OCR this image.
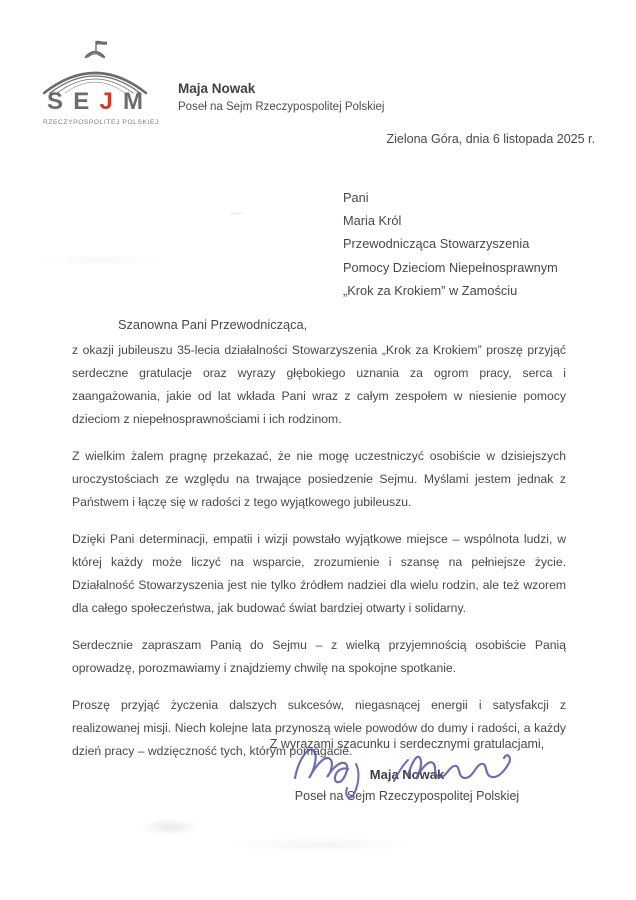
S E J M
RZECZYPOSPOLITEJ POLSKIEJ
Maja Nowak
Poseł na Sejm Rzeczypospolitej Polskiej
Zielona Góra, dnia 6 listopada 2025 r.
Pani
Maria Król
Przewodnicząca Stowarzyszenia
Pomocy Dzieciom Niepełnosprawnym
„Krok za Krokiem” w Zamościu
Szanowna Pani Przewodnicząca,

z okazji jubileuszu 35-lecia działalności Stowarzyszenia „Krok za Krokiem” proszę przyjąć serdeczne gratulacje oraz wyrazy głębokiego uznania za ogrom pracy, serca i zaangażowania, jakie od lat wkłada Pani wraz z całym zespołem w niesienie pomocy dzieciom z niepełnosprawnościami i ich rodzinom.

Z wielkim żalem pragnę przekazać, że nie mogę uczestniczyć osobiście w dzisiejszych uroczystościach ze względu na trwające posiedzenie Sejmu. Myślami jestem jednak z Państwem i łączę się w radości z tego wyjątkowego jubileuszu.

Dzięki Pani determinacji, empatii i wizji powstało wyjątkowe miejsce – wspólnota ludzi, w której każdy może liczyć na wsparcie, zrozumienie i szansę na pełniejsze życie. Działalność Stowarzyszenia jest nie tylko źródłem nadziei dla wielu rodzin, ale też wzorem dla całego społeczeństwa, jak budować świat bardziej otwarty i solidarny.

Serdecznie zapraszam Panią do Sejmu – z wielką przyjemnością osobiście Panią oprowadzę, porozmawiamy i znajdziemy chwilę na spokojne spotkanie.

Proszę przyjąć życzenia dalszych sukcesów, niegasnącej energii i satysfakcji z realizowanej misji. Niech kolejne lata przynoszą wiele powodów do dumy i radości, a każdy dzień pracy – wdzięczność tych, którym pomagacie.

Z wyrazami szacunku i serdecznymi gratulacjami,
Maja Nowak
Poseł na Sejm Rzeczypospolitej Polskiej
